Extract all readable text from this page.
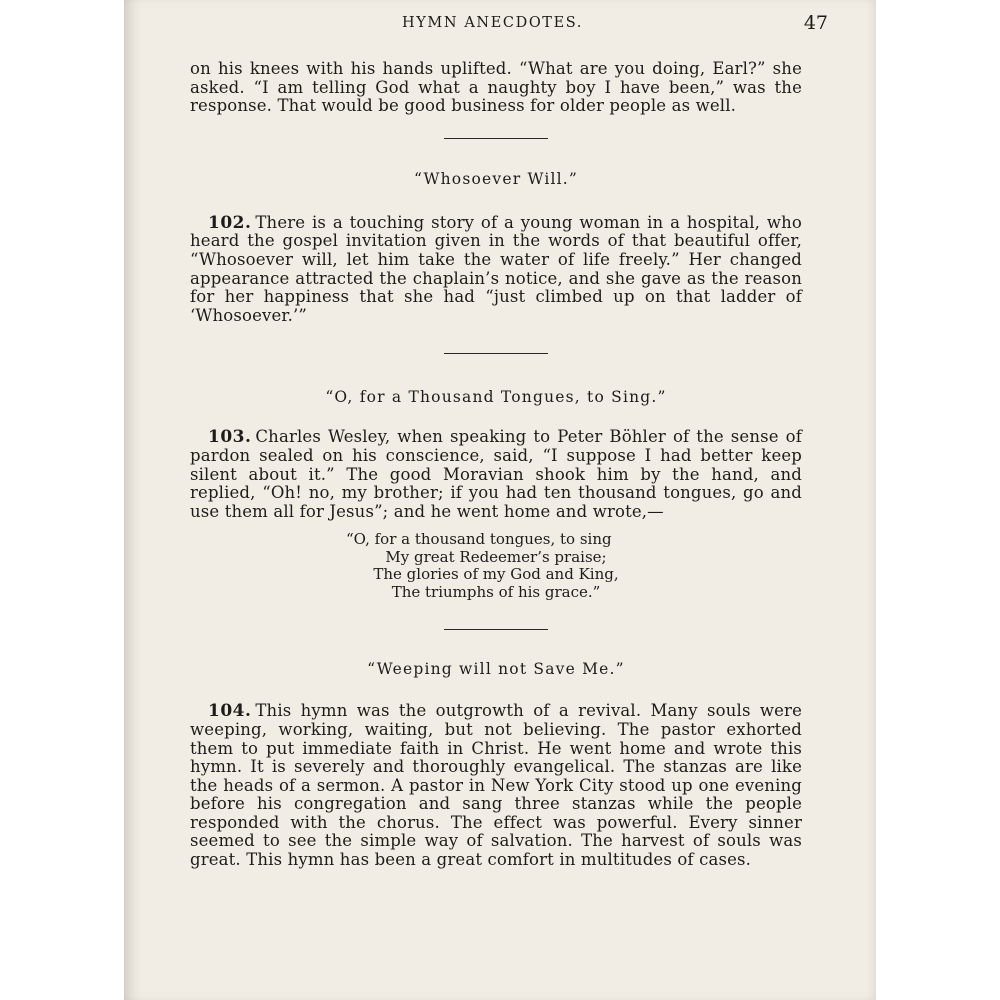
HYMN ANECDOTES.	47

on his knees with his hands uplifted. “What are you doing, Earl?” she asked. “I am telling God what a naughty boy I have been,” was the response. That would be good business for older people as well.

“Whosoever Will.”

102. There is a touching story of a young woman in a hospital, who heard the gospel invitation given in the words of that beautiful offer, “Whosoever will, let him take the water of life freely.” Her changed appearance attracted the chaplain’s notice, and she gave as the reason for her happiness that she had “just climbed up on that ladder of ‘Whosoever.’”

“O, for a Thousand Tongues, to Sing.”

103. Charles Wesley, when speaking to Peter Böhler of the sense of pardon sealed on his conscience, said, “I suppose I had better keep silent about it.” The good Moravian shook him by the hand, and replied, “Oh! no, my brother; if you had ten thousand tongues, go and use them all for Jesus”; and he went home and wrote,—

“O, for a thousand tongues, to sing
My great Redeemer’s praise;
The glories of my God and King,
The triumphs of his grace.”
“Weeping will not Save Me.”

104. This hymn was the outgrowth of a revival. Many souls were weeping, working, waiting, but not believing. The pastor exhorted them to put immediate faith in Christ. He went home and wrote this hymn. It is severely and thoroughly evangelical. The stanzas are like the heads of a sermon. A pastor in New York City stood up one evening before his congregation and sang three stanzas while the people responded with the chorus. The effect was powerful. Every sinner seemed to see the simple way of salvation. The harvest of souls was great. This hymn has been a great comfort in multitudes of cases.
